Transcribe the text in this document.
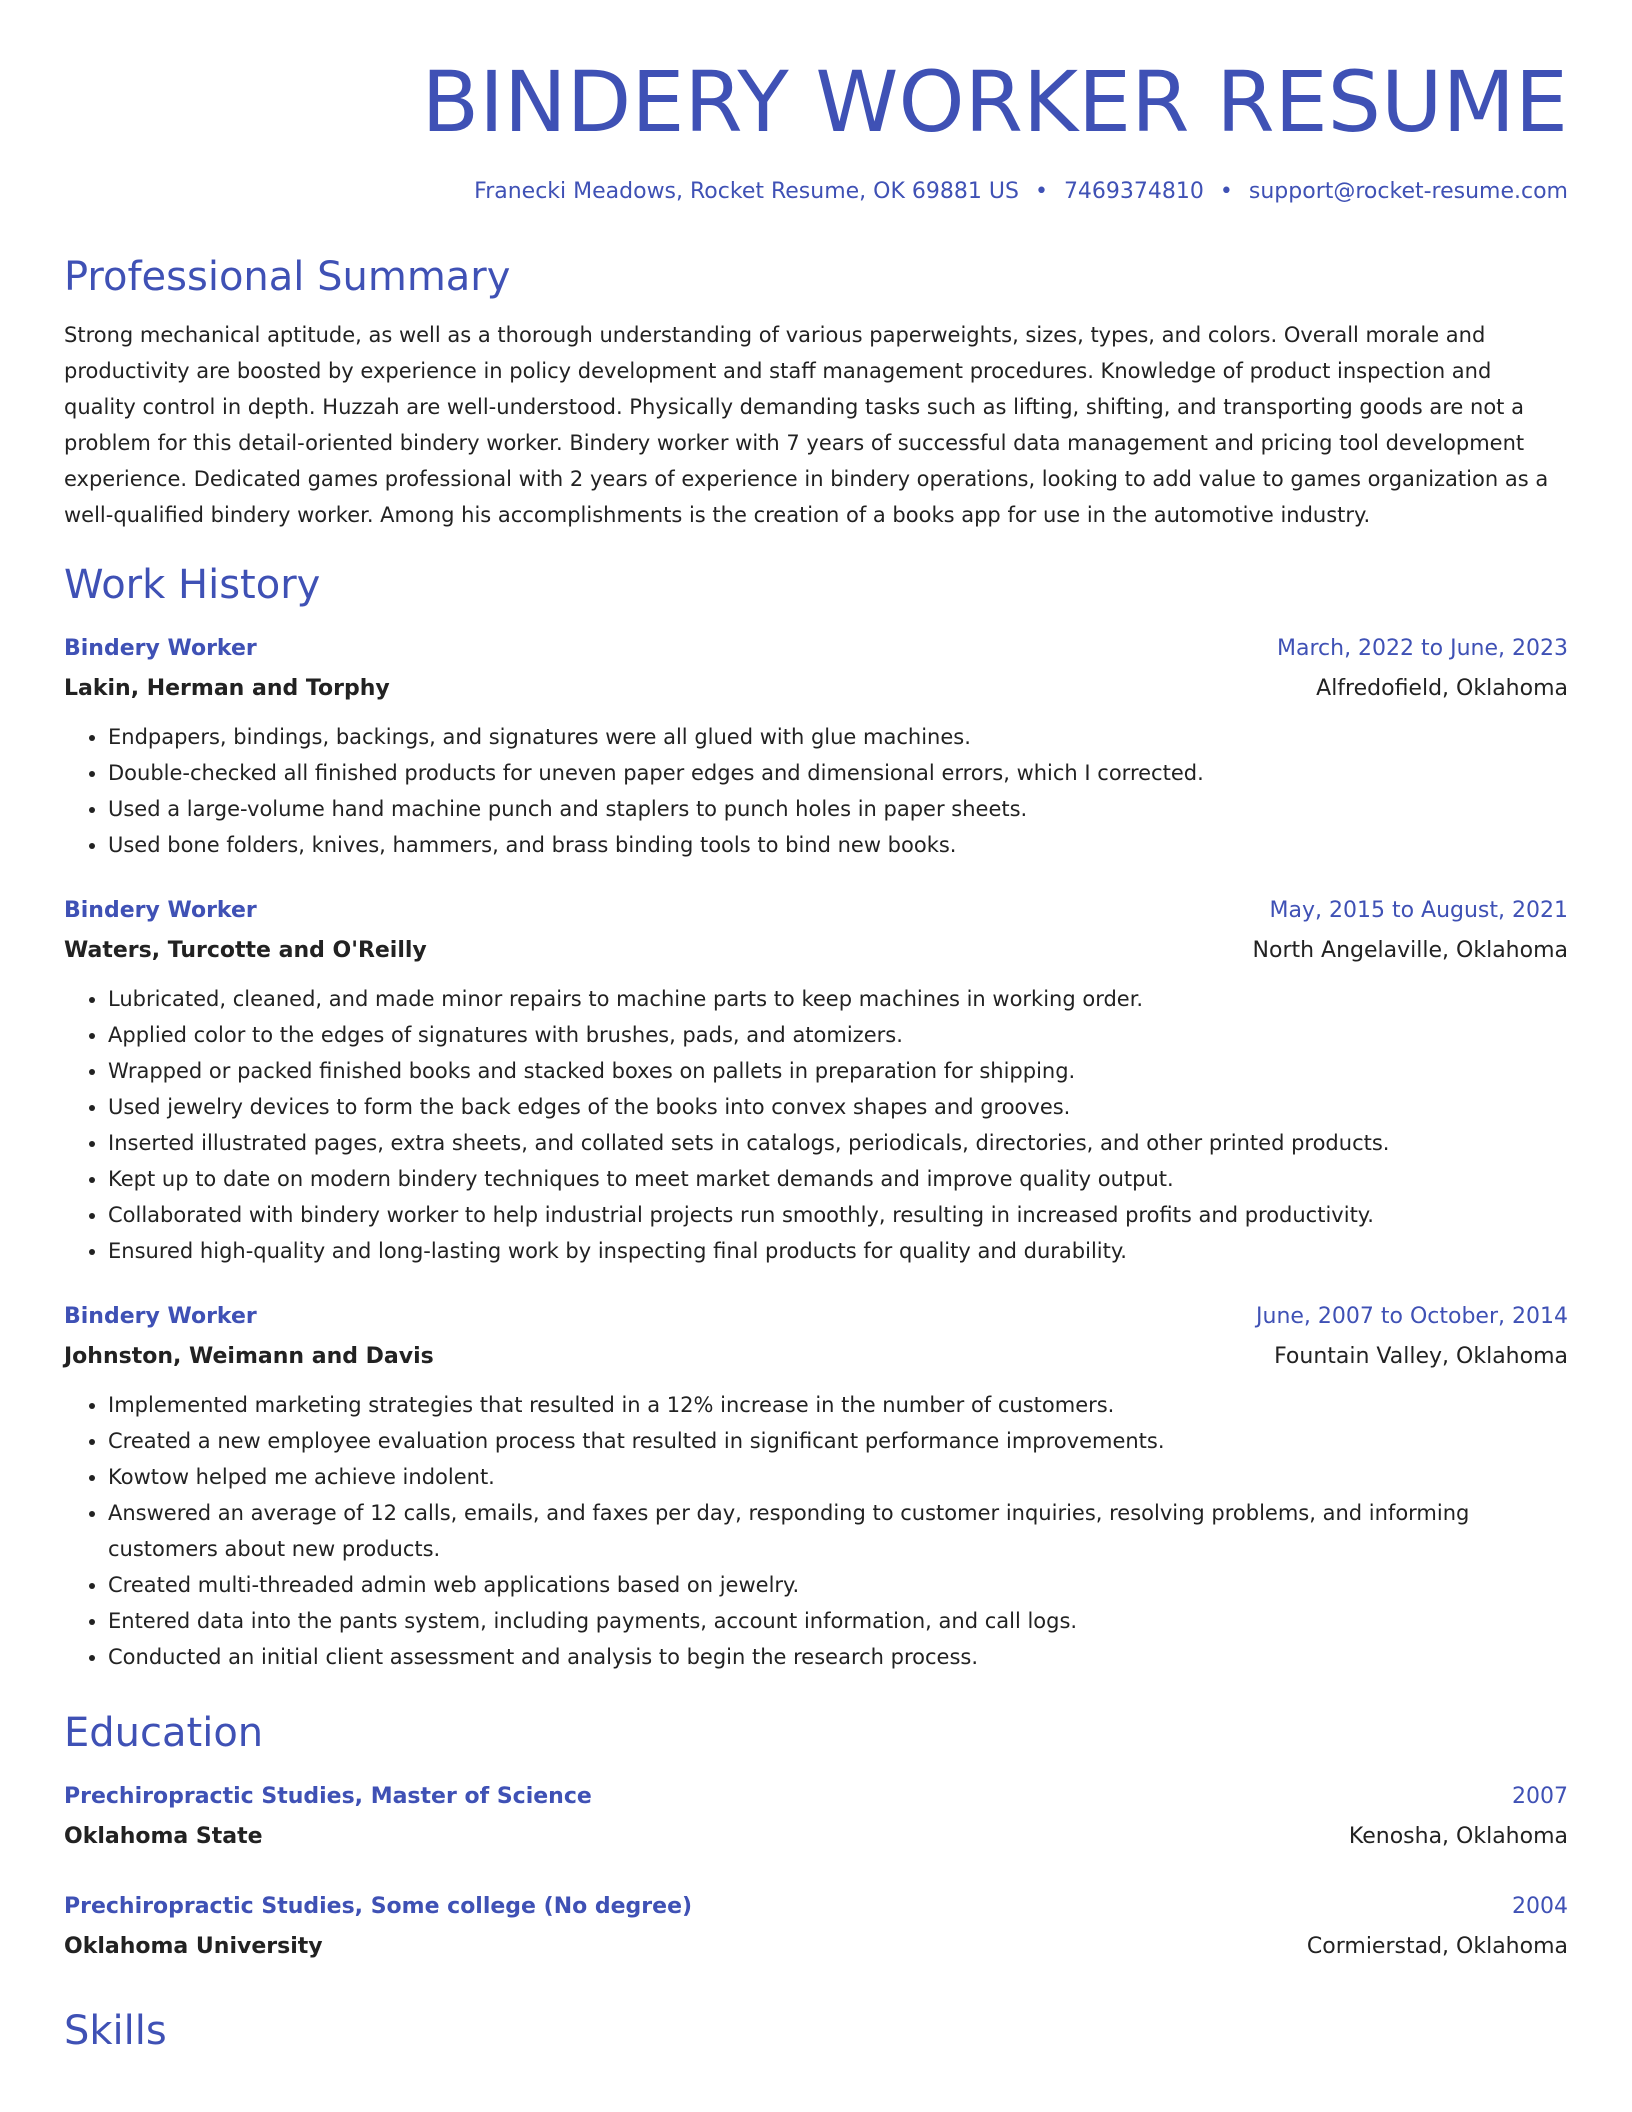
BINDERY WORKER RESUME
Franecki Meadows, Rocket Resume, OK 69881 US • 7469374810 • support@rocket-resume.com
Professional Summary

Strong mechanical aptitude, as well as a thorough understanding of various paperweights, sizes, types, and colors. Overall morale and productivity are boosted by experience in policy development and staff management procedures. Knowledge of product inspection and quality control in depth. Huzzah are well-understood. Physically demanding tasks such as lifting, shifting, and transporting goods are not a problem for this detail-oriented bindery worker. Bindery worker with 7 years of successful data management and pricing tool development experience. Dedicated games professional with 2 years of experience in bindery operations, looking to add value to games organization as a well-qualified bindery worker. Among his accomplishments is the creation of a books app for use in the automotive industry.

Work History
Bindery Worker	March, 2022 to June, 2023
Lakin, Herman and Torphy	Alfredofield, Oklahoma
• Endpapers, bindings, backings, and signatures were all glued with glue machines.
• Double-checked all finished products for uneven paper edges and dimensional errors, which I corrected.
• Used a large-volume hand machine punch and staplers to punch holes in paper sheets.
• Used bone folders, knives, hammers, and brass binding tools to bind new books.
Bindery Worker	May, 2015 to August, 2021
Waters, Turcotte and O'Reilly	North Angelaville, Oklahoma
• Lubricated, cleaned, and made minor repairs to machine parts to keep machines in working order.
• Applied color to the edges of signatures with brushes, pads, and atomizers.
• Wrapped or packed finished books and stacked boxes on pallets in preparation for shipping.
• Used jewelry devices to form the back edges of the books into convex shapes and grooves.
• Inserted illustrated pages, extra sheets, and collated sets in catalogs, periodicals, directories, and other printed products.
• Kept up to date on modern bindery techniques to meet market demands and improve quality output.
• Collaborated with bindery worker to help industrial projects run smoothly, resulting in increased profits and productivity.
• Ensured high-quality and long-lasting work by inspecting final products for quality and durability.
Bindery Worker	June, 2007 to October, 2014
Johnston, Weimann and Davis	Fountain Valley, Oklahoma
• Implemented marketing strategies that resulted in a 12% increase in the number of customers.
• Created a new employee evaluation process that resulted in significant performance improvements.
• Kowtow helped me achieve indolent.
• Answered an average of 12 calls, emails, and faxes per day, responding to customer inquiries, resolving problems, and informing customers about new products.
• Created multi-threaded admin web applications based on jewelry.
• Entered data into the pants system, including payments, account information, and call logs.
• Conducted an initial client assessment and analysis to begin the research process.
Education
Prechiropractic Studies, Master of Science	2007
Oklahoma State	Kenosha, Oklahoma
Prechiropractic Studies, Some college (No degree)	2004
Oklahoma University	Cormierstad, Oklahoma
Skills
